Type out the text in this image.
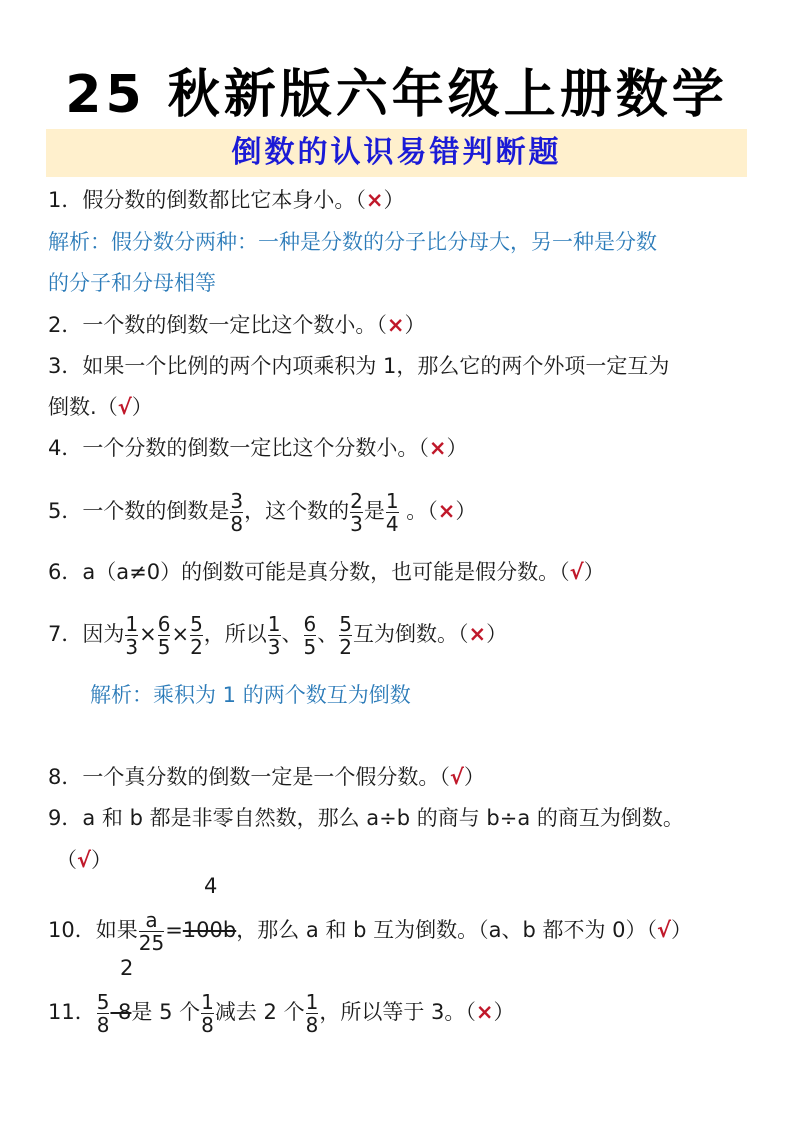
25 秋新版六年级上册数学
倒数的认识易错判断题
1．假分数的倒数都比它本身小。（×）
解析：假分数分两种：一种是分数的分子比分母大，另一种是分数
的分子和分母相等
2．一个数的倒数一定比这个数小。（×）
3．如果一个比例的两个内项乘积为 1，那么它的两个外项一定互为
倒数.（√）
4．一个分数的倒数一定比这个分数小。（×）
5．一个数的倒数是 $\frac{3}{8}$ ，这个数的 $\frac{2}{3}$ 是 $\frac{1}{4}$ 。（×）
6．a（a≠0）的倒数可能是真分数，也可能是假分数。（√）
7．因为 $\frac{1}{3} \times \frac{6}{5} \times \frac{5}{2}$ ，所以 $\frac{1}{3}$ 、 $\frac{6}{5}$ 、 $\frac{5}{2}$ 互为倒数。（×）
解析：乘积为 1 的两个数互为倒数
8．一个真分数的倒数一定是一个假分数。（√）
9．a 和 b 都是非零自然数，那么 a÷b 的商与 b÷a 的商互为倒数。
（√）
4
10．如果 $\frac{a}{25} =100b$，那么 a 和 b 互为倒数。（a、b 都不为 0）（√）
2
11． $\frac{5}{8} -8$是 5 个 $\frac{1}{8}$ 减去 2 个 $\frac{1}{8}$ ，所以等于 3。（×）
